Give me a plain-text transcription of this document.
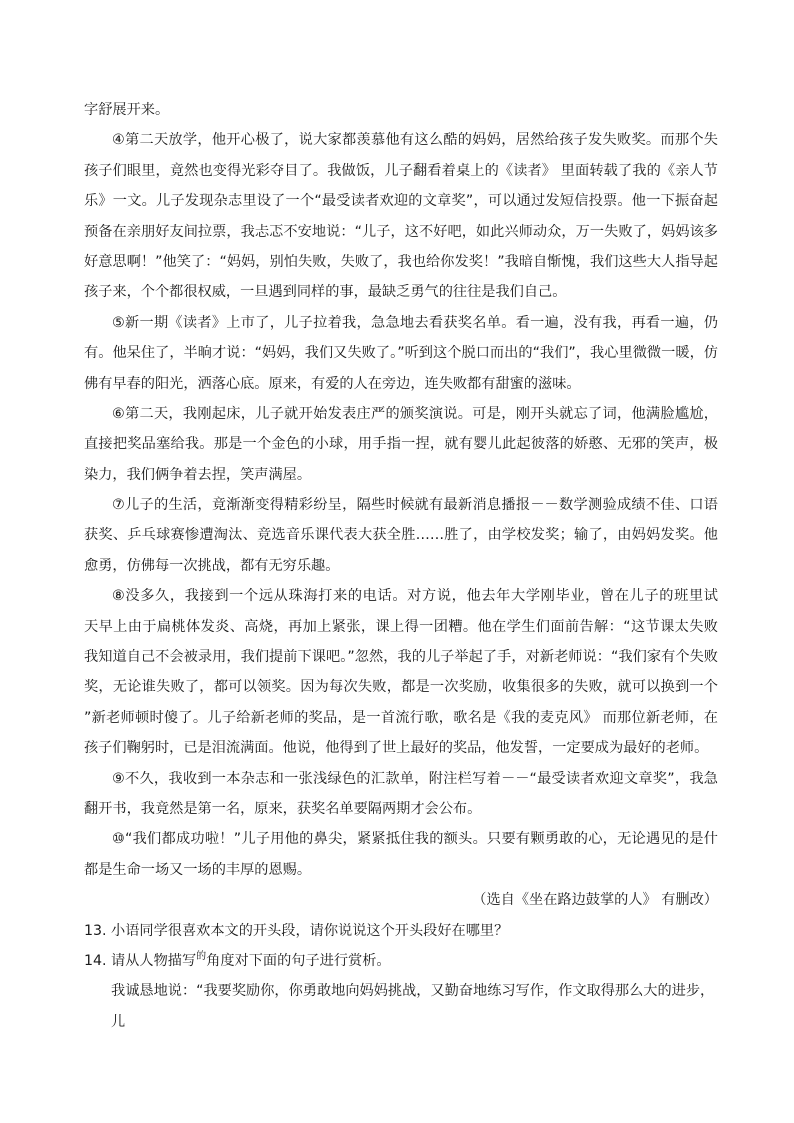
字舒展开来。
④第二天放学，他开心极了，说大家都羡慕他有这么酷的妈妈，居然给孩子发失败奖。而那个失
孩子们眼里，竟然也变得光彩夺目了。我做饭，儿子翻看着桌上的《读者》 里面转载了我的《亲人节
乐》一文。儿子发现杂志里设了一个“最受读者欢迎的文章奖”，可以通过发短信投票。他一下振奋起
预备在亲朋好友间拉票，我忐忑不安地说：“儿子，这不好吧，如此兴师动众，万一失败了，妈妈该多
好意思啊！”他笑了：“妈妈，别怕失败，失败了，我也给你发奖！”我暗自惭愧，我们这些大人指导起
孩子来，个个都很权威，一旦遇到同样的事，最缺乏勇气的往往是我们自己。
⑤新一期《读者》上市了，儿子拉着我，急急地去看获奖名单。看一遍，没有我，再看一遍，仍
有。他呆住了，半晌才说：“妈妈，我们又失败了。”听到这个脱口而出的“我们”，我心里微微一暖，仿
佛有早春的阳光，洒落心底。原来，有爱的人在旁边，连失败都有甜蜜的滋味。
⑥第二天，我刚起床，儿子就开始发表庄严的颁奖演说。可是，刚开头就忘了词，他满脸尴尬，
直接把奖品塞给我。那是一个金色的小球，用手指一捏，就有婴儿此起彼落的娇憨、无邪的笑声，极
染力，我们俩争着去捏，笑声满屋。
⑦儿子的生活，竟渐渐变得精彩纷呈，隔些时候就有最新消息播报－－数学测验成绩不佳、口语
获奖、乒乓球赛惨遭淘汰、竞选音乐课代表大获全胜……胜了，由学校发奖；输了，由妈妈发奖。他
愈勇，仿佛每一次挑战，都有无穷乐趣。
⑧没多久，我接到一个远从珠海打来的电话。对方说，他去年大学刚毕业，曾在儿子的班里试
天早上由于扁桃体发炎、高烧，再加上紧张，课上得一团糟。他在学生们面前告解：“这节课太失败
我知道自己不会被录用，我们提前下课吧。”忽然，我的儿子举起了手，对新老师说：“我们家有个失败
奖，无论谁失败了，都可以领奖。因为每次失败，都是一次奖励，收集很多的失败，就可以换到一个
”新老师顿时傻了。儿子给新老师的奖品，是一首流行歌，歌名是《我的麦克风》 而那位新老师，在
孩子们鞠躬时，已是泪流满面。他说，他得到了世上最好的奖品，他发誓，一定要成为最好的老师。
⑨不久，我收到一本杂志和一张浅绿色的汇款单，附注栏写着－－“最受读者欢迎文章奖”，我急
翻开书，我竟然是第一名，原来，获奖名单要隔两期才会公布。
⑩“我们都成功啦！”儿子用他的鼻尖，紧紧抵住我的额头。只要有颗勇敢的心，无论遇见的是什
都是生命一场又一场的丰厚的恩赐。
（选自《坐在路边鼓掌的人》 有删改）
13. 小语同学很喜欢本文的开头段，请你说说这个开头段好在哪里？
14. 请从人物描写$^的$角度对下面的句子进行赏析。
我诚恳地说：“我要奖励你，你勇敢地向妈妈挑战，又勤奋地练习写作，作文取得那么大的进步，儿
